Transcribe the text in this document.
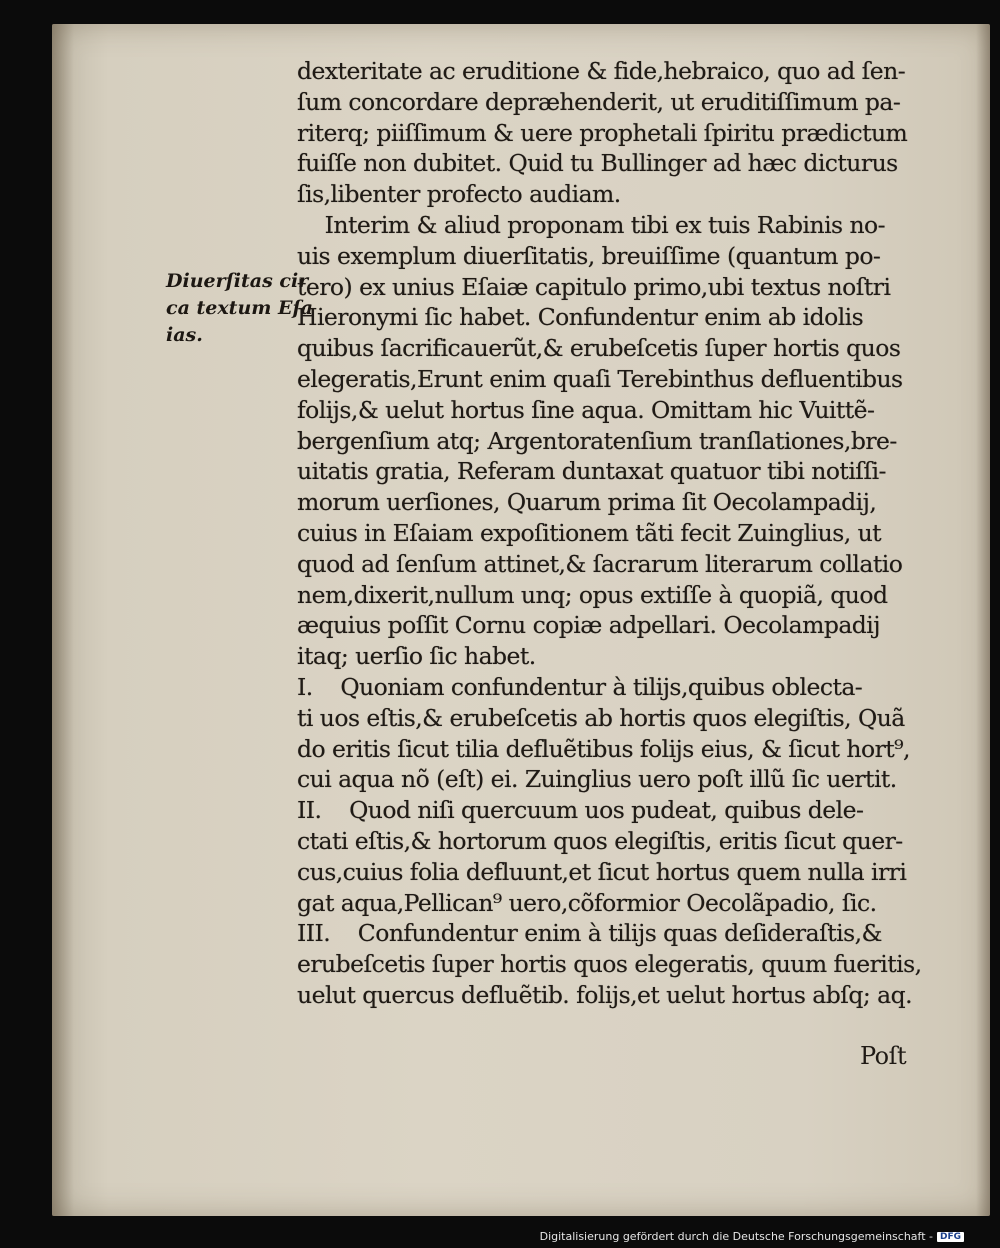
Diuerſitas cir
ca textum Eſa
ias.
dexteritate ac eruditione & fide,hebraico, quo ad ſen-
ſum concordare depræhenderit, ut eruditiſſimum pa-
riterq; piiſſimum & uere prophetali ſpiritu prædictum
fuiſſe non dubitet. Quid tu Bullinger ad hæc dicturus
ſis,libenter profecto audiam.
Interim & aliud proponam tibi ex tuis Rabinis no-
uis exemplum diuerſitatis, breuiſſime (quantum po-
tero) ex unius Eſaiæ capitulo primo,ubi textus noſtri
Hieronymi ſic habet. Confundentur enim ab idolis
quibus ſacrificauerũt,& erubeſcetis ſuper hortis quos
elegeratis,Erunt enim quaſi Terebinthus defluentibus
folijs,& uelut hortus ſine aqua. Omittam hic Vuittẽ-
bergenſium atq; Argentoratenſium tranſlationes,bre-
uitatis gratia, Referam duntaxat quatuor tibi notiſſi-
morum uerſiones, Quarum prima ſit Oecolampadij,
cuius in Eſaiam expoſitionem tãti fecit Zuinglius, ut
quod ad ſenſum attinet,& ſacrarum literarum collatio
nem,dixerit,nullum unq; opus extiſſe à quopiã, quod
æquius poſſit Cornu copiæ adpellari. Oecolampadij
itaq; uerſio ſic habet.
I.    Quoniam confundentur à tilijs,quibus oblecta-
ti uos eſtis,& erubeſcetis ab hortis quos elegiſtis, Quã
do eritis ſicut tilia defluẽtibus folijs eius, & ſicut hort⁹,
cui aqua nõ (eſt) ei. Zuinglius uero poſt illũ ſic uertit.
II.    Quod niſi quercuum uos pudeat, quibus dele-
ctati eſtis,& hortorum quos elegiſtis, eritis ſicut quer-
cus,cuius folia defluunt,et ſicut hortus quem nulla irri
gat aqua,Pellican⁹ uero,cõformior Oecolãpadio, ſic.
III.    Confundentur enim à tilijs quas deſideraſtis,&
erubeſcetis ſuper hortis quos elegeratis, quum fueritis,
uelut quercus defluẽtib. folijs,et uelut hortus abſq; aq.
Poſt
Digitalisierung gefördert durch die Deutsche Forschungsgemeinschaft - DFG
